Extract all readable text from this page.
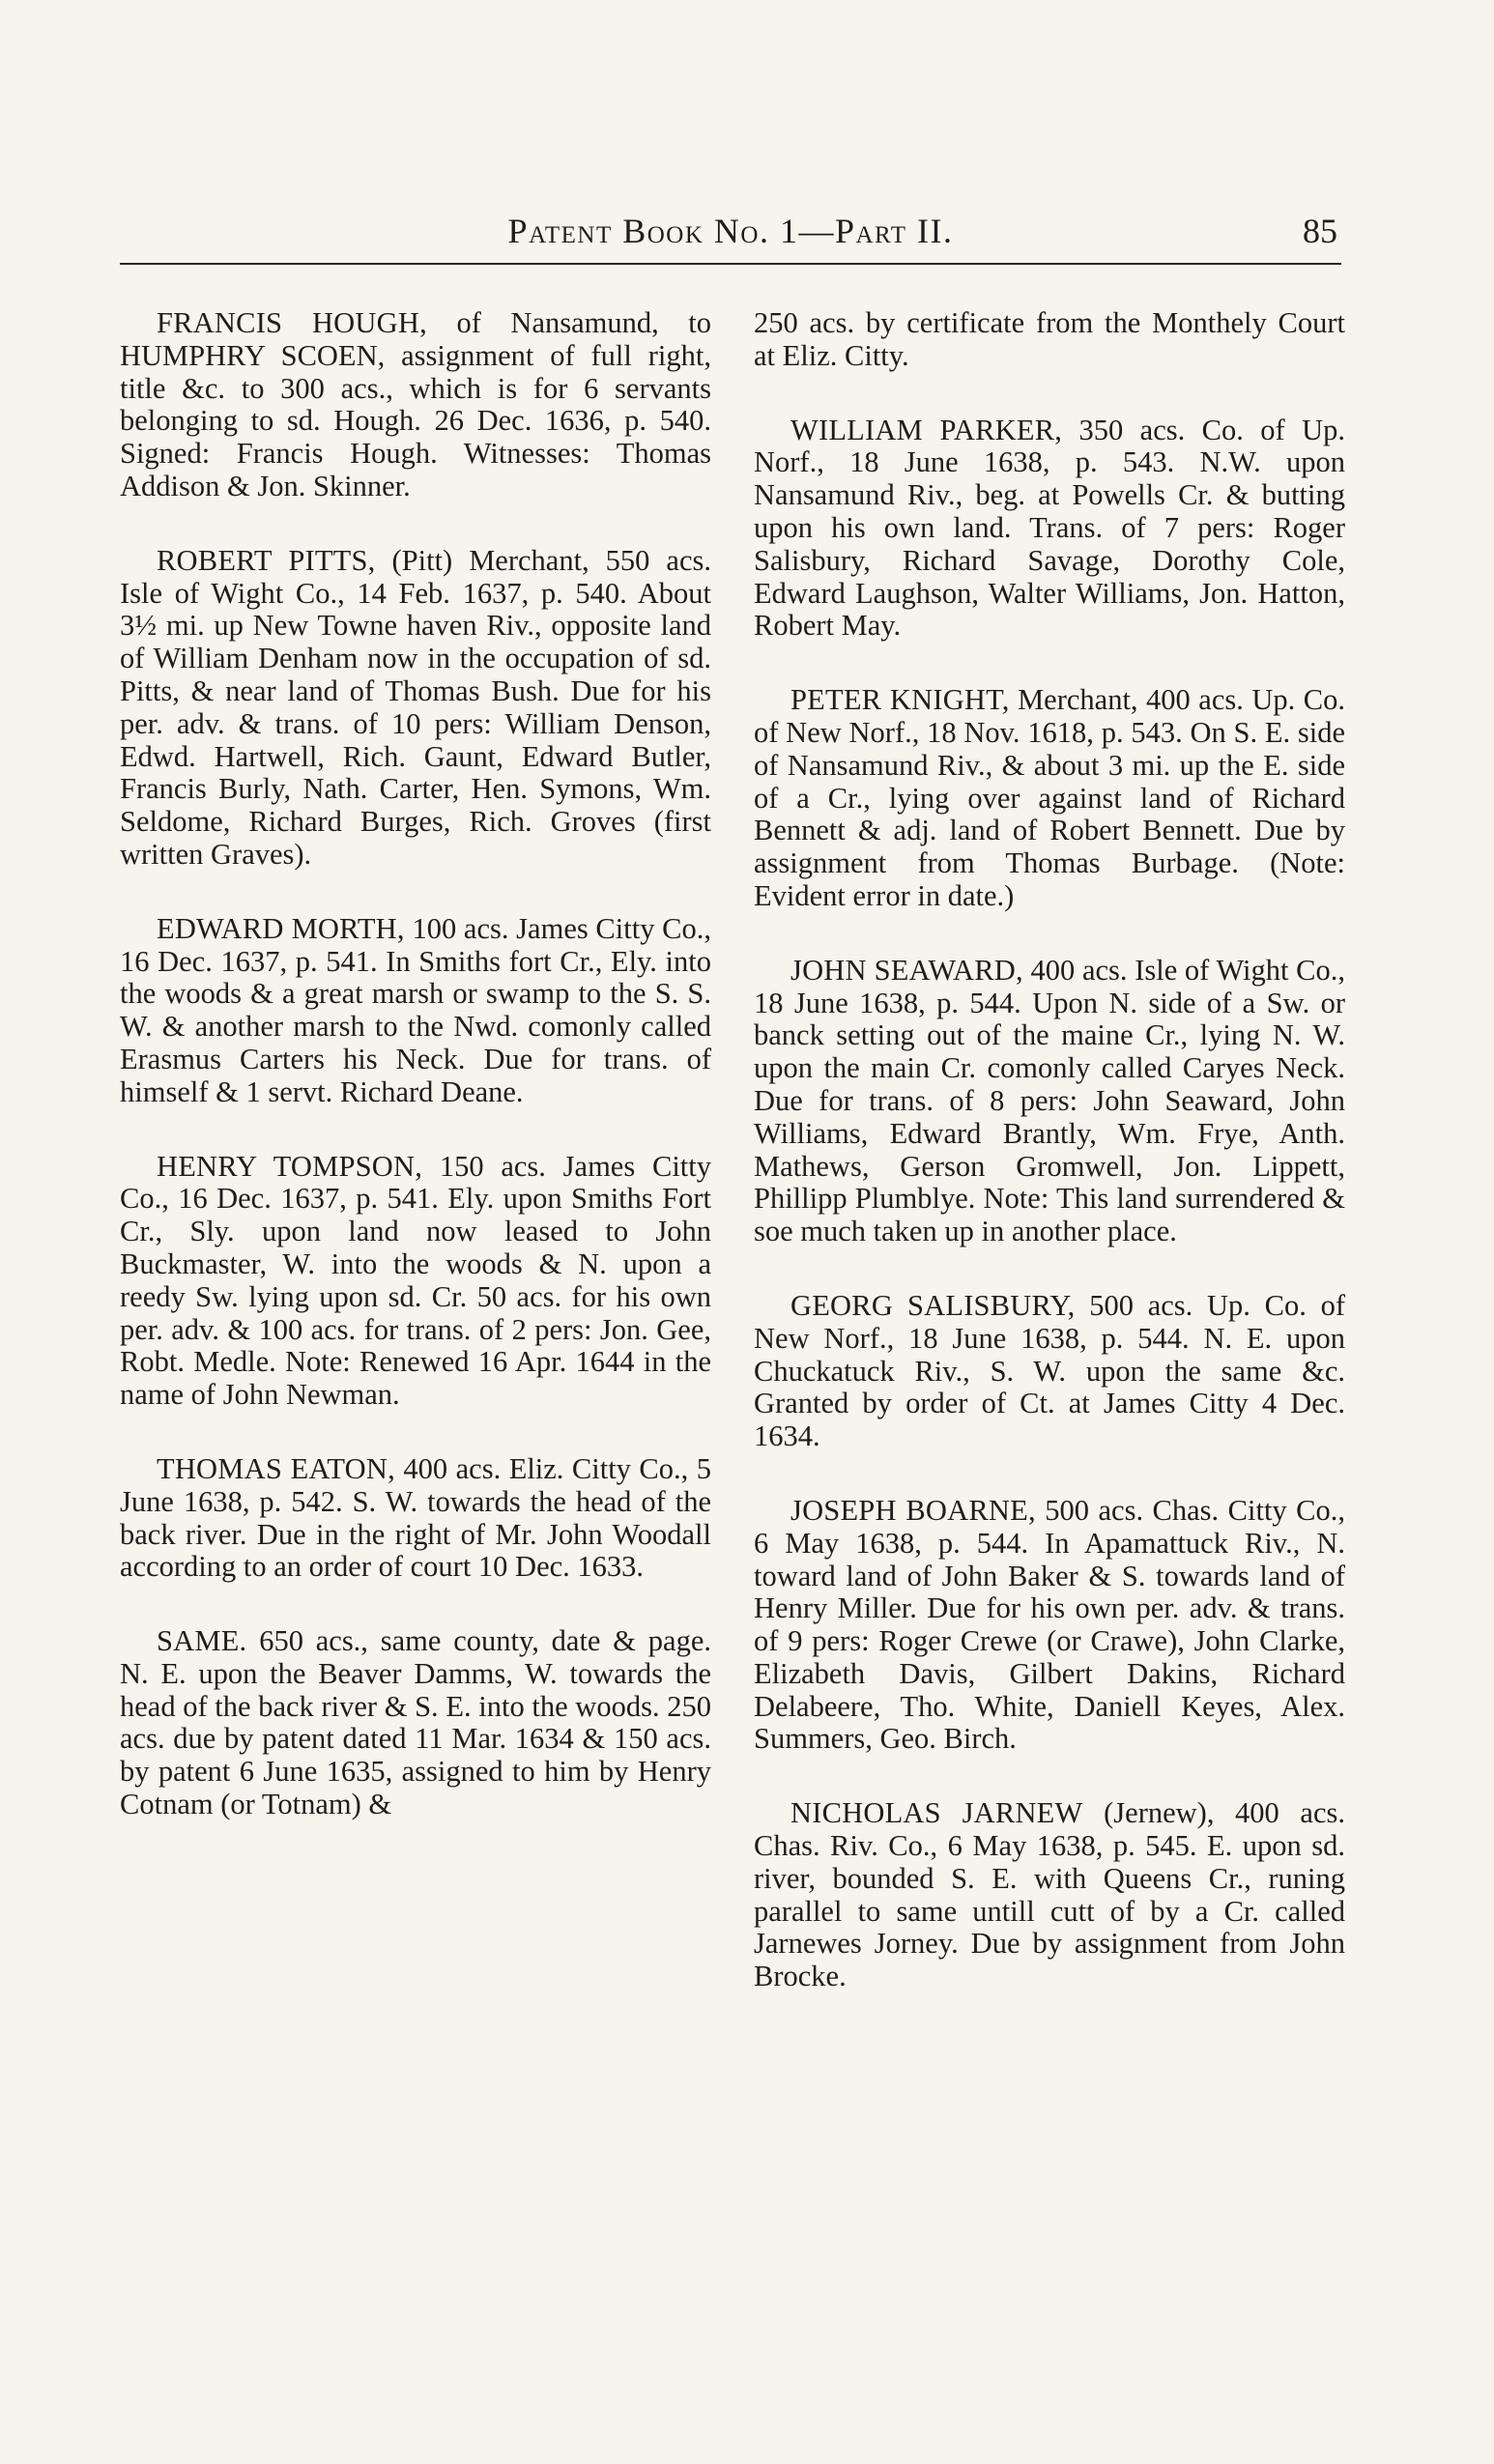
Patent Book No. 1—Part II.	85

FRANCIS HOUGH, of Nansamund, to HUMPHRY SCOEN, assignment of full right, title &c. to 300 acs., which is for 6 servants belonging to sd. Hough. 26 Dec. 1636, p. 540. Signed: Francis Hough. Witnesses: Thomas Addison & Jon. Skinner.

ROBERT PITTS, (Pitt) Merchant, 550 acs. Isle of Wight Co., 14 Feb. 1637, p. 540. About 3½ mi. up New Towne haven Riv., opposite land of William Denham now in the occupation of sd. Pitts, & near land of Thomas Bush. Due for his per. adv. & trans. of 10 pers: William Denson, Edwd. Hartwell, Rich. Gaunt, Edward Butler, Francis Burly, Nath. Carter, Hen. Symons, Wm. Seldome, Richard Burges, Rich. Groves (first written Graves).

EDWARD MORTH, 100 acs. James Citty Co., 16 Dec. 1637, p. 541. In Smiths fort Cr., Ely. into the woods & a great marsh or swamp to the S. S. W. & another marsh to the Nwd. comonly called Erasmus Carters his Neck. Due for trans. of himself & 1 servt. Richard Deane.

HENRY TOMPSON, 150 acs. James Citty Co., 16 Dec. 1637, p. 541. Ely. upon Smiths Fort Cr., Sly. upon land now leased to John Buckmaster, W. into the woods & N. upon a reedy Sw. lying upon sd. Cr. 50 acs. for his own per. adv. & 100 acs. for trans. of 2 pers: Jon. Gee, Robt. Medle. Note: Renewed 16 Apr. 1644 in the name of John Newman.

THOMAS EATON, 400 acs. Eliz. Citty Co., 5 June 1638, p. 542. S. W. towards the head of the back river. Due in the right of Mr. John Woodall according to an order of court 10 Dec. 1633.

SAME. 650 acs., same county, date & page. N. E. upon the Beaver Damms, W. towards the head of the back river & S. E. into the woods. 250 acs. due by patent dated 11 Mar. 1634 & 150 acs. by patent 6 June 1635, assigned to him by Henry Cotnam (or Totnam) &

250 acs. by certificate from the Monthely Court at Eliz. Citty.

WILLIAM PARKER, 350 acs. Co. of Up. Norf., 18 June 1638, p. 543. N.W. upon Nansamund Riv., beg. at Powells Cr. & butting upon his own land. Trans. of 7 pers: Roger Salisbury, Richard Savage, Dorothy Cole, Edward Laughson, Walter Williams, Jon. Hatton, Robert May.

PETER KNIGHT, Merchant, 400 acs. Up. Co. of New Norf., 18 Nov. 1618, p. 543. On S. E. side of Nansamund Riv., & about 3 mi. up the E. side of a Cr., lying over against land of Richard Bennett & adj. land of Robert Bennett. Due by assignment from Thomas Burbage. (Note: Evident error in date.)

JOHN SEAWARD, 400 acs. Isle of Wight Co., 18 June 1638, p. 544. Upon N. side of a Sw. or banck setting out of the maine Cr., lying N. W. upon the main Cr. comonly called Caryes Neck. Due for trans. of 8 pers: John Seaward, John Williams, Edward Brantly, Wm. Frye, Anth. Mathews, Gerson Gromwell, Jon. Lippett, Phillipp Plumblye. Note: This land surrendered & soe much taken up in another place.

GEORG SALISBURY, 500 acs. Up. Co. of New Norf., 18 June 1638, p. 544. N. E. upon Chuckatuck Riv., S. W. upon the same &c. Granted by order of Ct. at James Citty 4 Dec. 1634.

JOSEPH BOARNE, 500 acs. Chas. Citty Co., 6 May 1638, p. 544. In Apamattuck Riv., N. toward land of John Baker & S. towards land of Henry Miller. Due for his own per. adv. & trans. of 9 pers: Roger Crewe (or Crawe), John Clarke, Elizabeth Davis, Gilbert Dakins, Richard Delabeere, Tho. White, Daniell Keyes, Alex. Summers, Geo. Birch.

NICHOLAS JARNEW (Jernew), 400 acs. Chas. Riv. Co., 6 May 1638, p. 545. E. upon sd. river, bounded S. E. with Queens Cr., runing parallel to same untill cutt of by a Cr. called Jarnewes Jorney. Due by assignment from John Brocke.
